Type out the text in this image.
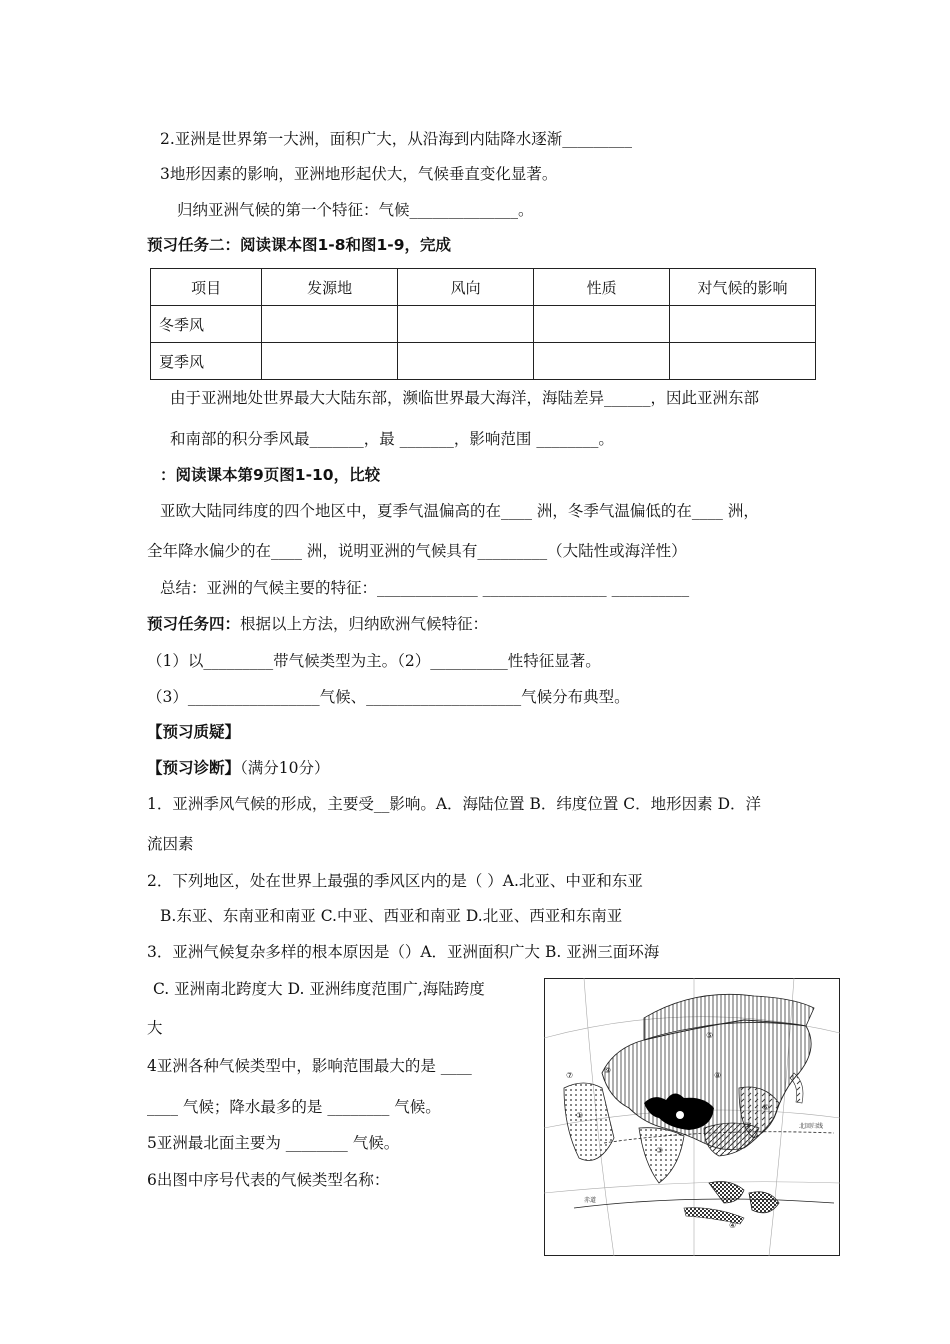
2.亚洲是世界第一大洲，面积广大，从沿海到内陆降水逐渐_________
3地形因素的影响，亚洲地形起伏大，气候垂直变化显著。
归纳亚洲气候的第一个特征：气候______________。
预习任务二：阅读课本图1-8和图1-9，完成
项目	发源地	风向	性质	对气候的影响
冬季风				
夏季风				
由于亚洲地处世界最大大陆东部，濒临世界最大海洋，海陆差异______，因此亚洲东部
和南部的积分季风最_______，最 _______，影响范围 ________。
：阅读课本第9页图1-10，比较
亚欧大陆同纬度的四个地区中，夏季气温偏高的在____ 洲，冬季气温偏低的在____ 洲，
全年降水偏少的在____ 洲，说明亚洲的气候具有_________（大陆性或海洋性）
总结：亚洲的气候主要的特征：_____________ ________________ __________
预习任务四：根据以上方法，归纳欧洲气候特征：
（1）以_________带气候类型为主。（2）__________性特征显著。
（3）_________________气候、____________________气候分布典型。
【预习质疑】
【预习诊断】（满分10分）
1．亚洲季风气候的形成，主要受__影响。A．海陆位置 B．纬度位置 C．地形因素 D．洋
流因素
2．下列地区，处在世界上最强的季风区内的是（ ）A.北亚、中亚和东亚
B.东亚、东南亚和南亚 C.中亚、西亚和南亚 D.北亚、西亚和东南亚
3．亚洲气候复杂多样的根本原因是（）A．亚洲面积广大 B. 亚洲三面环海
C. 亚洲南北跨度大 D. 亚洲纬度范围广,海陆跨度
大
4亚洲各种气候类型中，影响范围最大的是 ____
____ 气候；降水最多的是 ________ 气候。
5亚洲最北面主要为 ________ 气候。
6出图中序号代表的气候类型名称：
北回归线
赤道
①
②
③
④
⑤
⑥
⑦	⑧
⑨
